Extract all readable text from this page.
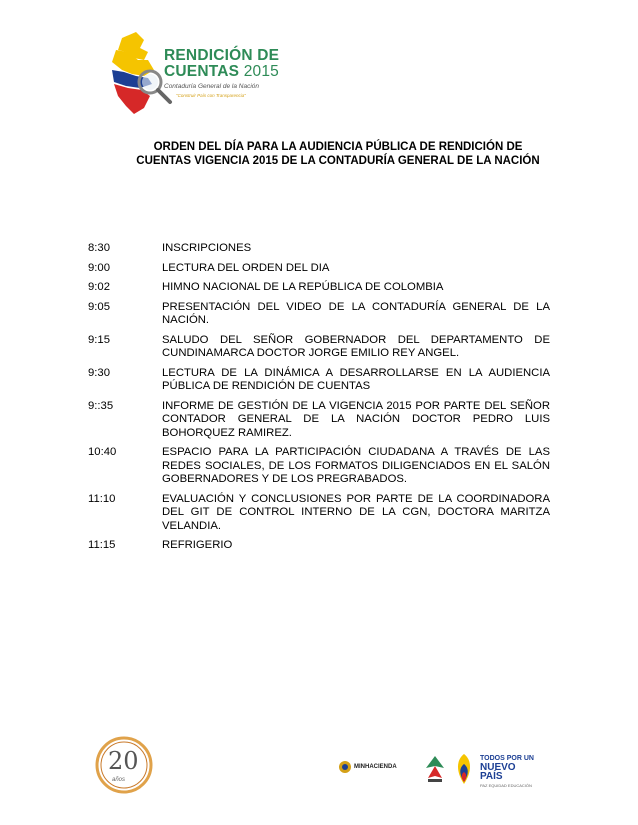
RENDICIÓN DE
CUENTAS 2015
Contaduría General de la Nación
"Construir País con Transparencia"
ORDEN DEL DÍA PARA LA AUDIENCIA PÚBLICA DE RENDICIÓN DE CUENTAS VIGENCIA 2015 DE LA CONTADURÍA GENERAL DE LA NACIÓN
8:30	INSCRIPCIONES
9:00	LECTURA DEL ORDEN DEL DIA
9:02	HIMNO NACIONAL DE LA REPÚBLICA DE COLOMBIA
9:05	PRESENTACIÓN DEL VIDEO DE LA CONTADURÍA GENERAL DE LA NACIÓN.
9:15	SALUDO DEL SEÑOR GOBERNADOR DEL DEPARTAMENTO DE CUNDINAMARCA DOCTOR JORGE EMILIO REY ANGEL.
9:30	LECTURA DE LA DINÁMICA A DESARROLLARSE EN LA AUDIENCIA PÚBLICA DE RENDICIÓN DE CUENTAS
9::35	INFORME DE GESTIÓN DE LA VIGENCIA 2015 POR PARTE DEL SEÑOR CONTADOR GENERAL DE LA NACIÓN DOCTOR PEDRO LUIS BOHORQUEZ RAMIREZ.
10:40	ESPACIO PARA LA PARTICIPACIÓN CIUDADANA A TRAVÉS DE LAS REDES SOCIALES, DE LOS FORMATOS DILIGENCIADOS EN EL SALÓN GOBERNADORES Y DE LOS PREGRABADOS.
11:10	EVALUACIÓN Y CONCLUSIONES POR PARTE DE LA COORDINADORA DEL GIT DE CONTROL INTERNO DE LA CGN, DOCTORA MARITZA VELANDIA.
11:15	REFRIGERIO
20
años
MINHACIENDA
TODOS POR UN
NUEVO PAÍS
PAZ EQUIDAD EDUCACIÓN
